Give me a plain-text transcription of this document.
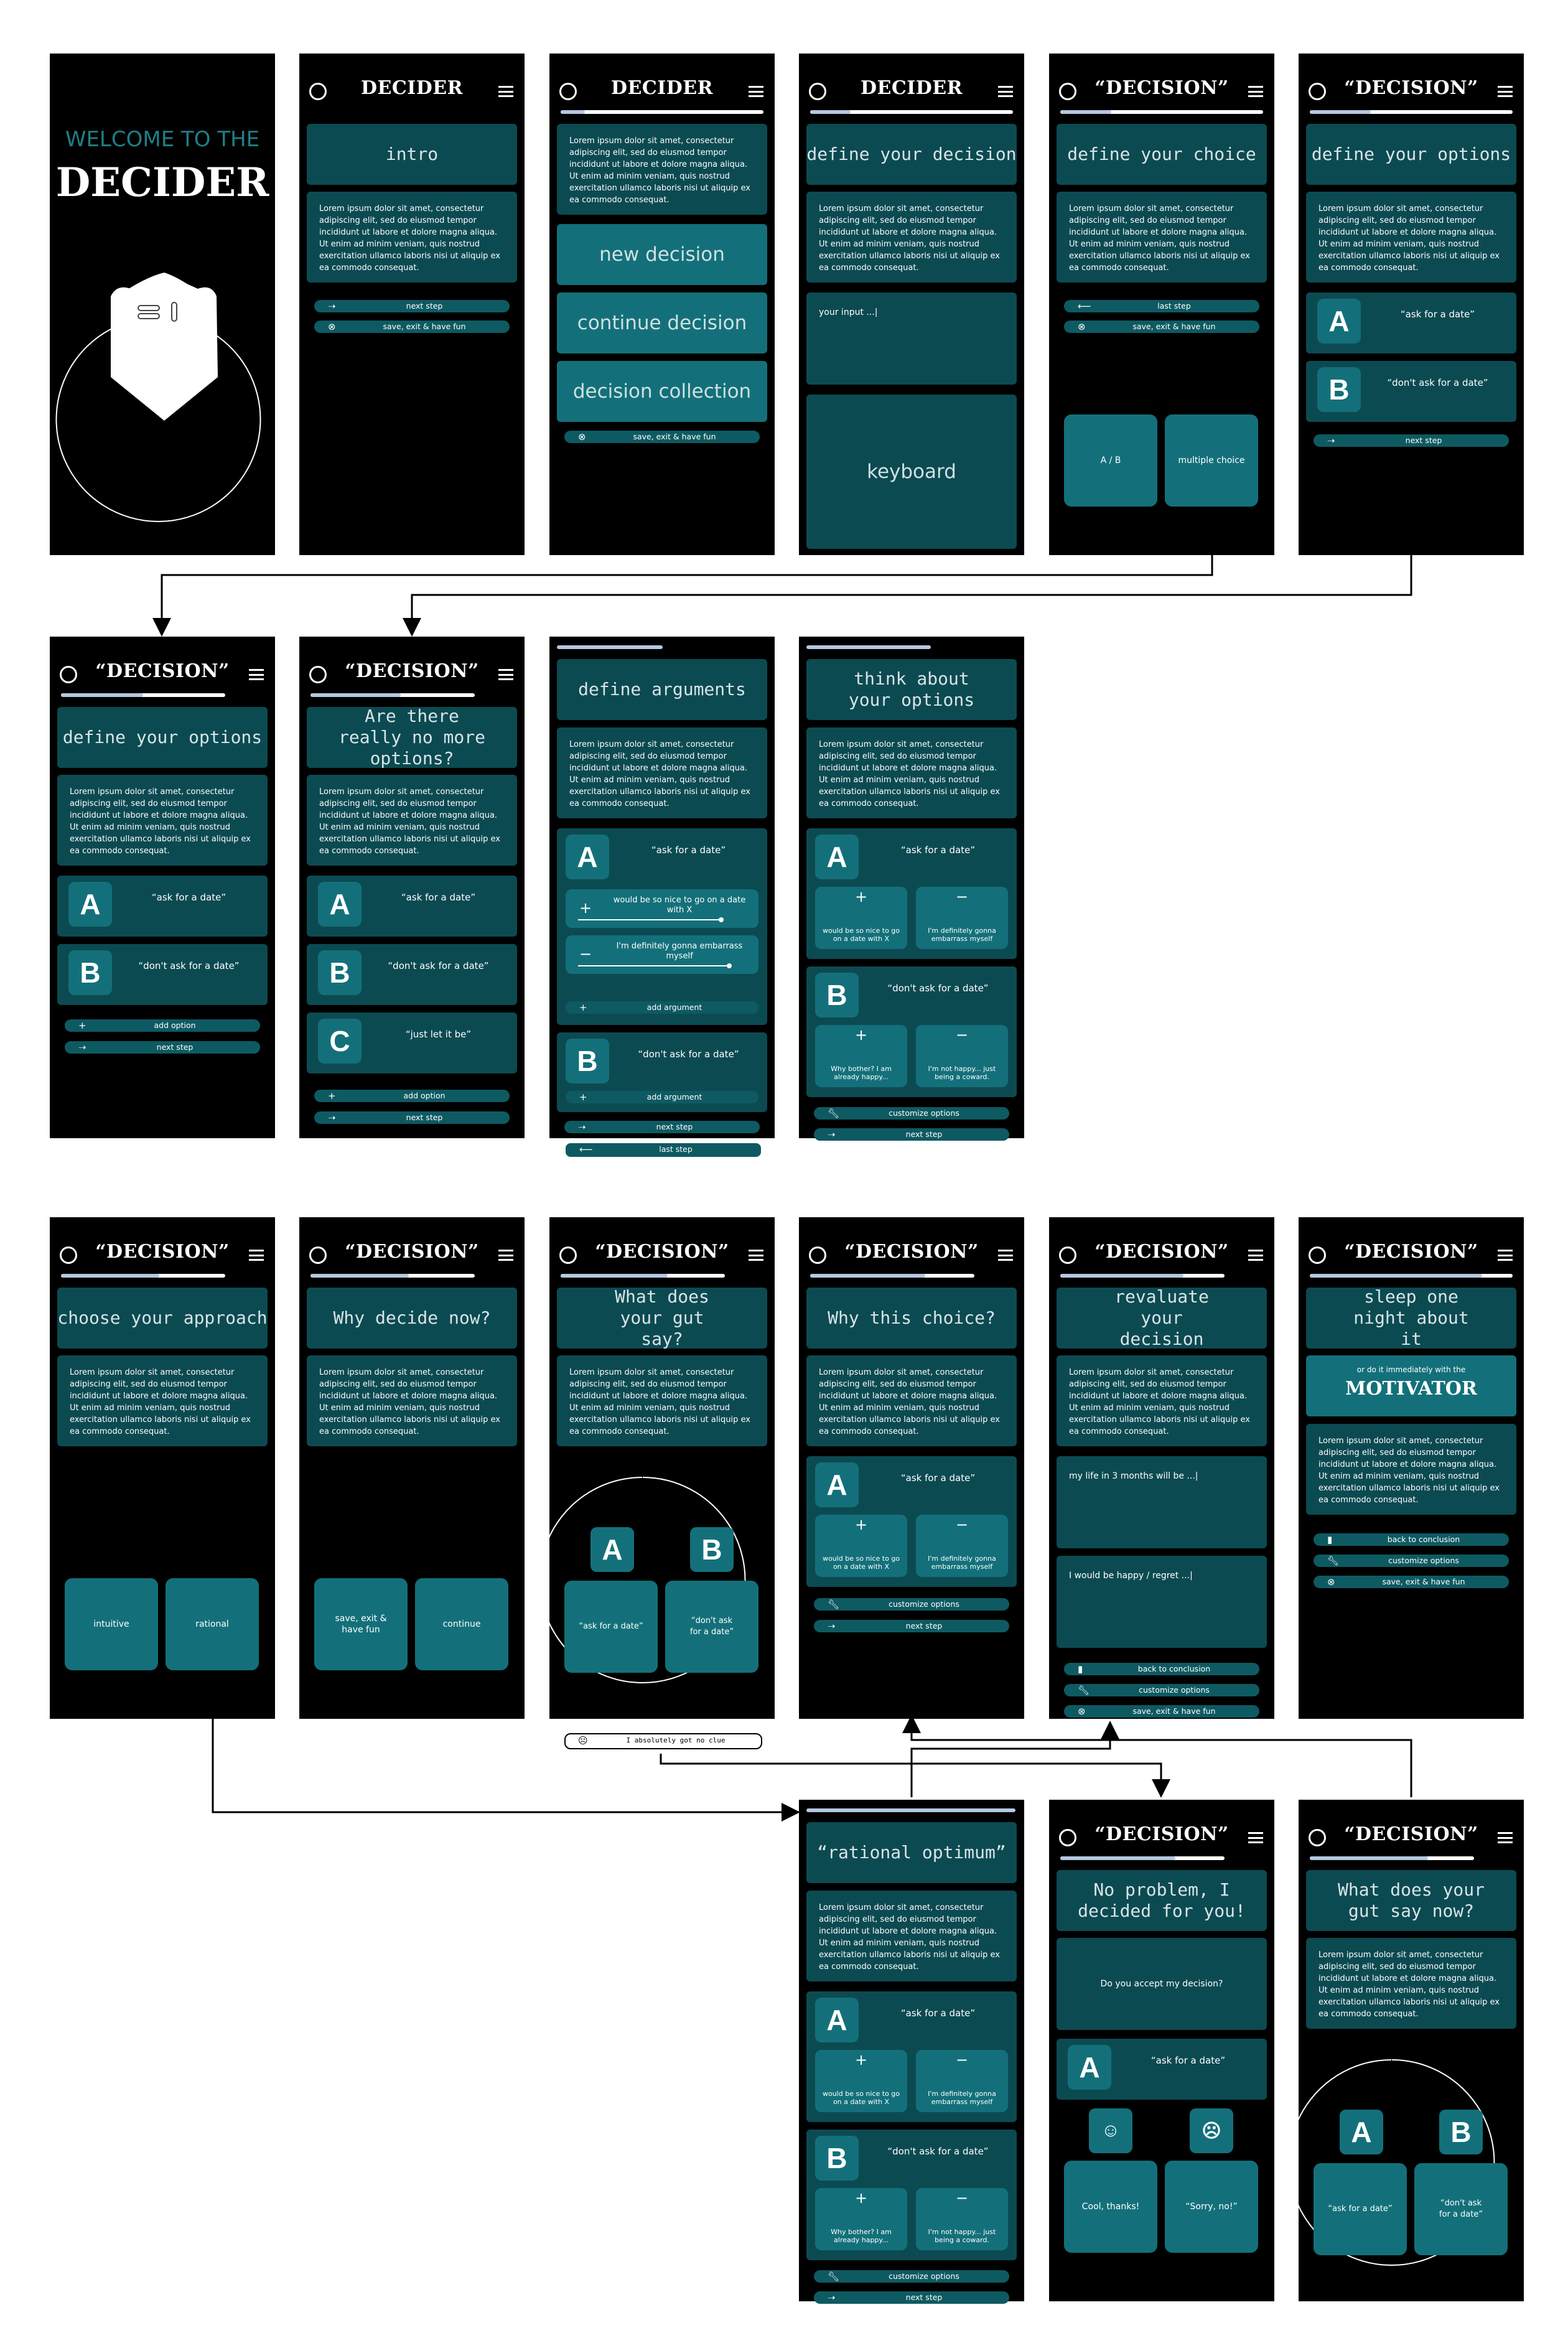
WELCOME TO THE
DECIDER
DECIDER
intro
Lorem ipsum dolor sit amet, consectetur adipiscing elit, sed do eiusmod tempor incididunt ut labore et dolore magna aliqua. Ut enim ad minim veniam, quis nostrud exercitation ullamco laboris nisi ut aliquip ex ea commodo consequat.
➝	next step
⊗	save, exit & have fun
DECIDER
Lorem ipsum dolor sit amet, consectetur adipiscing elit, sed do eiusmod tempor incididunt ut labore et dolore magna aliqua. Ut enim ad minim veniam, quis nostrud exercitation ullamco laboris nisi ut aliquip ex ea commodo consequat.
new decision
continue decision
decision collection
⊗	save, exit & have fun
DECIDER
define your decision
Lorem ipsum dolor sit amet, consectetur adipiscing elit, sed do eiusmod tempor incididunt ut labore et dolore magna aliqua. Ut enim ad minim veniam, quis nostrud exercitation ullamco laboris nisi ut aliquip ex ea commodo consequat.
your input ...|
keyboard
“DECISION”
define your choice
Lorem ipsum dolor sit amet, consectetur adipiscing elit, sed do eiusmod tempor incididunt ut labore et dolore magna aliqua. Ut enim ad minim veniam, quis nostrud exercitation ullamco laboris nisi ut aliquip ex ea commodo consequat.
⟵	last step
⊗	save, exit & have fun
A / B	multiple choice
“DECISION”
define your options
Lorem ipsum dolor sit amet, consectetur adipiscing elit, sed do eiusmod tempor incididunt ut labore et dolore magna aliqua. Ut enim ad minim veniam, quis nostrud exercitation ullamco laboris nisi ut aliquip ex ea commodo consequat.
A	“ask for a date”
B	“don't ask for a date”
➝	next step
“DECISION”
define your options
Lorem ipsum dolor sit amet, consectetur adipiscing elit, sed do eiusmod tempor incididunt ut labore et dolore magna aliqua. Ut enim ad minim veniam, quis nostrud exercitation ullamco laboris nisi ut aliquip ex ea commodo consequat.
A	“ask for a date”
B	“don't ask for a date”
+	add option
➝	next step
“DECISION”
Are there really no more options?
Lorem ipsum dolor sit amet, consectetur adipiscing elit, sed do eiusmod tempor incididunt ut labore et dolore magna aliqua. Ut enim ad minim veniam, quis nostrud exercitation ullamco laboris nisi ut aliquip ex ea commodo consequat.
A	“ask for a date”
B	“don't ask for a date”
C	“just let it be”
+	add option
➝	next step
define arguments
Lorem ipsum dolor sit amet, consectetur adipiscing elit, sed do eiusmod tempor incididunt ut labore et dolore magna aliqua. Ut enim ad minim veniam, quis nostrud exercitation ullamco laboris nisi ut aliquip ex ea commodo consequat.
A	“ask for a date”
+	would be so nice to go on a date with X
−	I'm definitely gonna embarrass myself
+	add argument
B	“don't ask for a date”
+	add argument
➝	next step
⟵	last step
think about your options
Lorem ipsum dolor sit amet, consectetur adipiscing elit, sed do eiusmod tempor incididunt ut labore et dolore magna aliqua. Ut enim ad minim veniam, quis nostrud exercitation ullamco laboris nisi ut aliquip ex ea commodo consequat.
A	“ask for a date”
+
would be so nice to go on a date with X
−
I'm definitely gonna embarrass myself
B	“don't ask for a date”
+
Why bother? I am already happy...
−
I'm not happy... just being a coward.
🔧︎	customize options
➝	next step
“DECISION”
choose your approach
Lorem ipsum dolor sit amet, consectetur adipiscing elit, sed do eiusmod tempor incididunt ut labore et dolore magna aliqua. Ut enim ad minim veniam, quis nostrud exercitation ullamco laboris nisi ut aliquip ex ea commodo consequat.
intuitive	rational
“DECISION”
Why decide now?
Lorem ipsum dolor sit amet, consectetur adipiscing elit, sed do eiusmod tempor incididunt ut labore et dolore magna aliqua. Ut enim ad minim veniam, quis nostrud exercitation ullamco laboris nisi ut aliquip ex ea commodo consequat.
save, exit & have fun
continue
“DECISION”
What does your gut say?
Lorem ipsum dolor sit amet, consectetur adipiscing elit, sed do eiusmod tempor incididunt ut labore et dolore magna aliqua. Ut enim ad minim veniam, quis nostrud exercitation ullamco laboris nisi ut aliquip ex ea commodo consequat.
A	B
“ask for a date”
“don't ask for a date”
☹	I absolutely got no clue
“DECISION”
Why this choice?
Lorem ipsum dolor sit amet, consectetur adipiscing elit, sed do eiusmod tempor incididunt ut labore et dolore magna aliqua. Ut enim ad minim veniam, quis nostrud exercitation ullamco laboris nisi ut aliquip ex ea commodo consequat.
A	“ask for a date”
+
would be so nice to go on a date with X
−
I'm definitely gonna embarrass myself
🔧︎	customize options
➝	next step
“DECISION”
revaluate your decision
Lorem ipsum dolor sit amet, consectetur adipiscing elit, sed do eiusmod tempor incididunt ut labore et dolore magna aliqua. Ut enim ad minim veniam, quis nostrud exercitation ullamco laboris nisi ut aliquip ex ea commodo consequat.
my life in 3 months will be ...|
I would be happy / regret ...|
▮	back to conclusion
🔧︎	customize options
⊗	save, exit & have fun
“DECISION”
sleep one night about it
or do it immediately with the
MOTIVATOR
Lorem ipsum dolor sit amet, consectetur adipiscing elit, sed do eiusmod tempor incididunt ut labore et dolore magna aliqua. Ut enim ad minim veniam, quis nostrud exercitation ullamco laboris nisi ut aliquip ex ea commodo consequat.
▮	back to conclusion
🔧︎	customize options
⊗	save, exit & have fun
“rational optimum”
Lorem ipsum dolor sit amet, consectetur adipiscing elit, sed do eiusmod tempor incididunt ut labore et dolore magna aliqua. Ut enim ad minim veniam, quis nostrud exercitation ullamco laboris nisi ut aliquip ex ea commodo consequat.
A	“ask for a date”
+
would be so nice to go on a date with X
−
I'm definitely gonna embarrass myself
B	“don't ask for a date”
+
Why bother? I am already happy...
−
I'm not happy... just being a coward.
🔧︎	customize options
➝	next step
“DECISION”
No problem, I decided for you!
Do you accept my decision?
A	“ask for a date”
☺	☹
Cool, thanks!	“Sorry, no!”
“DECISION”
What does your gut say now?
Lorem ipsum dolor sit amet, consectetur adipiscing elit, sed do eiusmod tempor incididunt ut labore et dolore magna aliqua. Ut enim ad minim veniam, quis nostrud exercitation ullamco laboris nisi ut aliquip ex ea commodo consequat.
A	B
“ask for a date”
“don't ask for a date”
